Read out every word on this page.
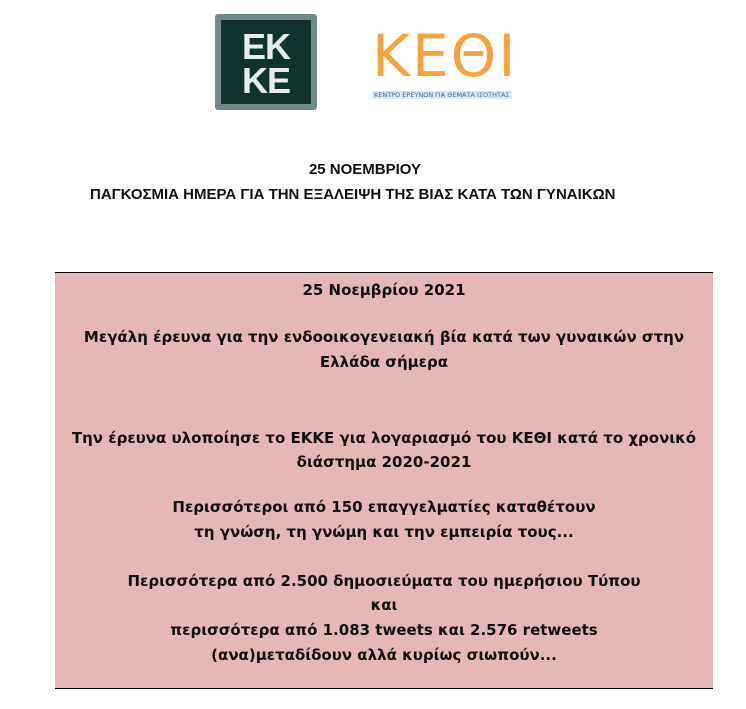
ΕΚ
ΚΕ	ΚΕΘΙ
ΚΕΝΤΡΟ ΕΡΕΥΝΩΝ ΓΙΑ ΘΕΜΑΤΑ ΙΣΟΤΗΤΑΣ
25 ΝΟΕΜΒΡΙΟΥ
ΠΑΓΚΟΣΜΙΑ ΗΜΕΡΑ ΓΙΑ ΤΗΝ ΕΞΑΛΕΙΨΗ ΤΗΣ ΒΙΑΣ ΚΑΤΑ ΤΩΝ ΓΥΝΑΙΚΩΝ

25 Νοεμβρίου 2021

Μεγάλη έρευνα για την ενδοοικογενειακή βία κατά των γυναικών στην

Ελλάδα σήμερα

Την έρευνα υλοποίησε το ΕΚΚΕ για λογαριασμό του ΚΕΘΙ κατά το χρονικό

διάστημα 2020-2021

Περισσότεροι από 150 επαγγελματίες καταθέτουν

τη γνώση, τη γνώμη και την εμπειρία τους...

Περισσότερα από 2.500 δημοσιεύματα του ημερήσιου Τύπου

και

περισσότερα από 1.083 tweets και 2.576 retweets

(ανα)μεταδίδουν αλλά κυρίως σιωπούν...
